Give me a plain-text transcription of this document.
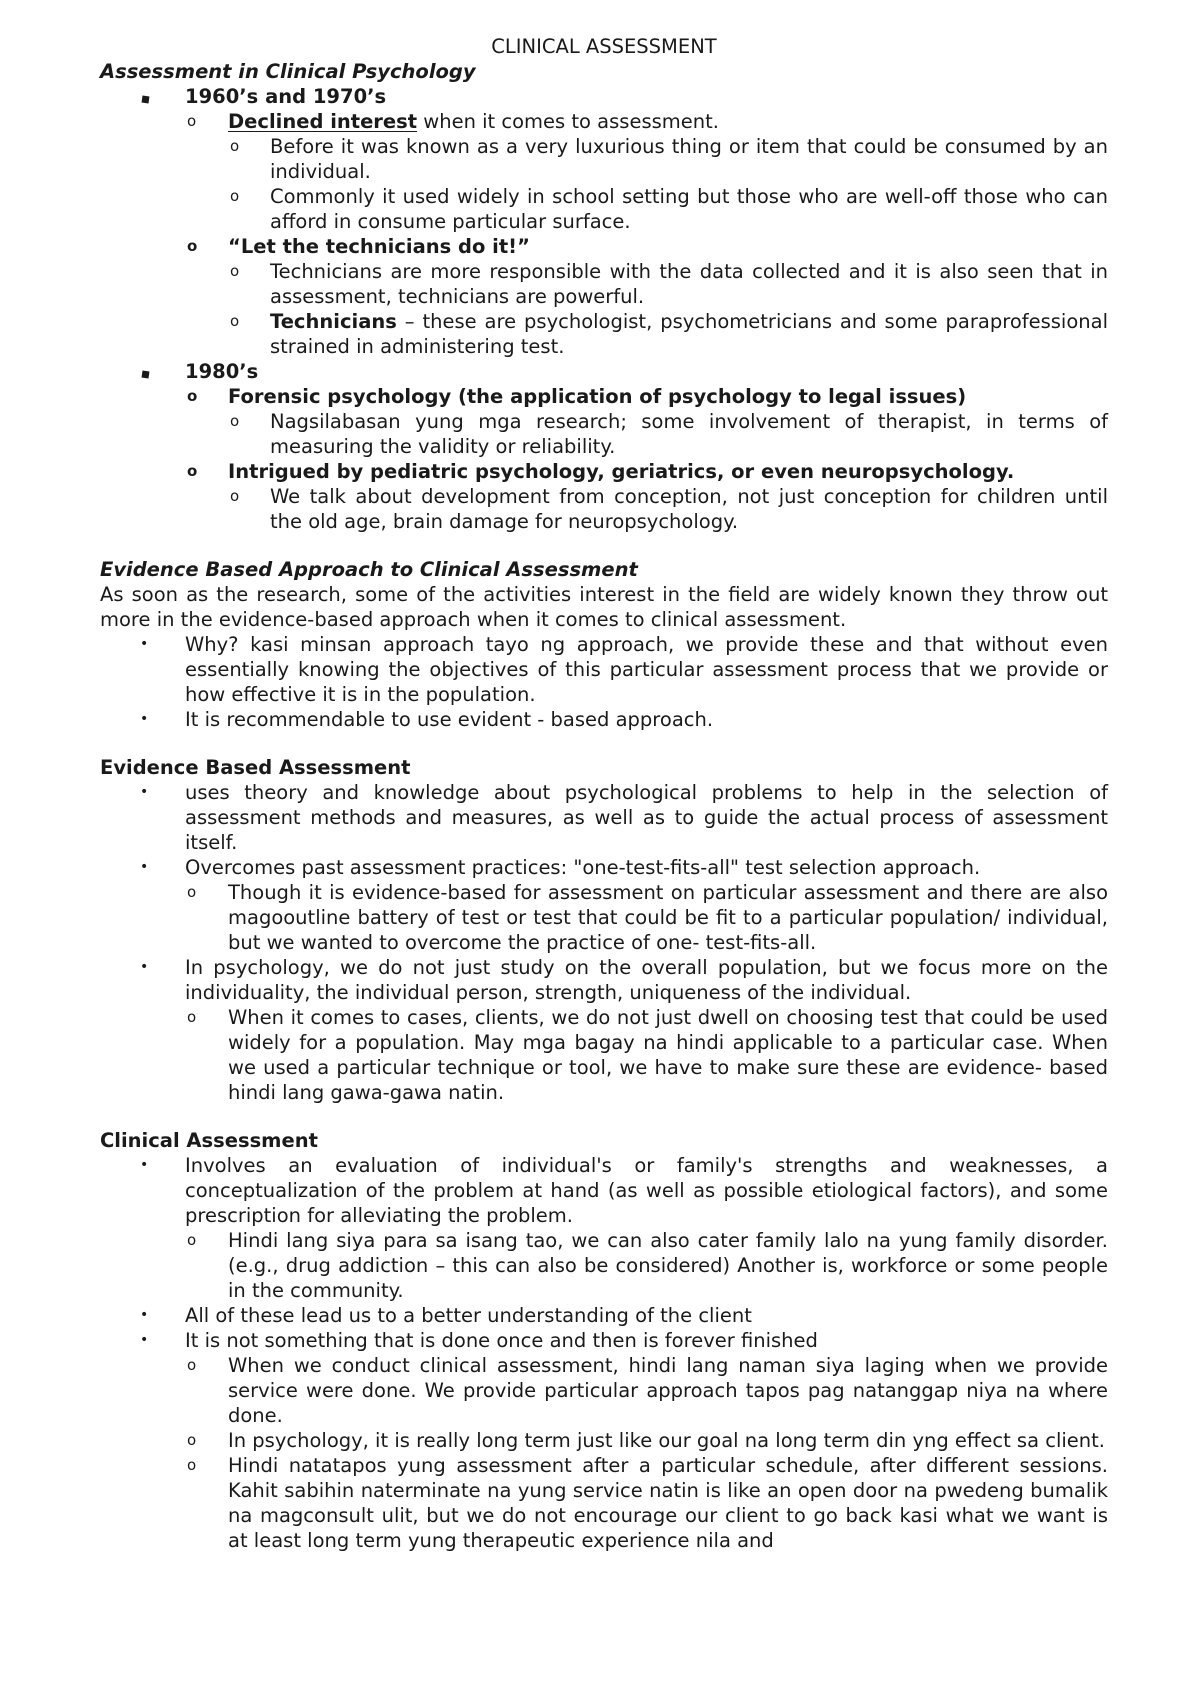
CLINICAL ASSESSMENT
Assessment in Clinical Psychology
1960’s and 1970’s
o Declined interest when it comes to assessment.
o Before it was known as a very luxurious thing or item that could be consumed by an individual.
o Commonly it used widely in school setting but those who are well-off those who can afford in consume particular surface.
o “Let the technicians do it!”
o Technicians are more responsible with the data collected and it is also seen that in assessment, technicians are powerful.
o Technicians – these are psychologist, psychometricians and some paraprofessional strained in administering test.
1980’s
o Forensic psychology (the application of psychology to legal issues)
o Nagsilabasan yung mga research; some involvement of therapist, in terms of measuring the validity or reliability.
o Intrigued by pediatric psychology, geriatrics, or even neuropsychology.
o We talk about development from conception, not just conception for children until the old age, brain damage for neuropsychology.
Evidence Based Approach to Clinical Assessment

As soon as the research, some of the activities interest in the field are widely known they throw out more in the evidence-based approach when it comes to clinical assessment.

•	Why? kasi minsan approach tayo ng approach, we provide these and that without even essentially knowing the objectives of this particular assessment process that we provide or how effective it is in the population.
•	It is recommendable to use evident - based approach.
Evidence Based Assessment
•	uses theory and knowledge about psychological problems to help in the selection of assessment methods and measures, as well as to guide the actual process of assessment itself.
•	Overcomes past assessment practices: "one-test-fits-all" test selection approach.
o Though it is evidence-based for assessment on particular assessment and there are also magooutline battery of test or test that could be fit to a particular population/ individual, but we wanted to overcome the practice of one- test-fits-all.
•	In psychology, we do not just study on the overall population, but we focus more on the individuality, the individual person, strength, uniqueness of the individual.
o When it comes to cases, clients, we do not just dwell on choosing test that could be used widely for a population. May mga bagay na hindi applicable to a particular case. When we used a particular technique or tool, we have to make sure these are evidence- based hindi lang gawa-gawa natin.
Clinical Assessment
•	Involves an evaluation of individual's or family's strengths and weaknesses, a conceptualization of the problem at hand (as well as possible etiological factors), and some prescription for alleviating the problem.
o Hindi lang siya para sa isang tao, we can also cater family lalo na yung family disorder. (e.g., drug addiction – this can also be considered) Another is, workforce or some people in the community.
•	All of these lead us to a better understanding of the client
•	It is not something that is done once and then is forever finished
o When we conduct clinical assessment, hindi lang naman siya laging when we provide service were done. We provide particular approach tapos pag natanggap niya na where done.
o In psychology, it is really long term just like our goal na long term din yng effect sa client.
o Hindi natatapos yung assessment after a particular schedule, after different sessions. Kahit sabihin naterminate na yung service natin is like an open door na pwedeng bumalik na magconsult ulit, but we do not encourage our client to go back kasi what we want is at least long term yung therapeutic experience nila and
